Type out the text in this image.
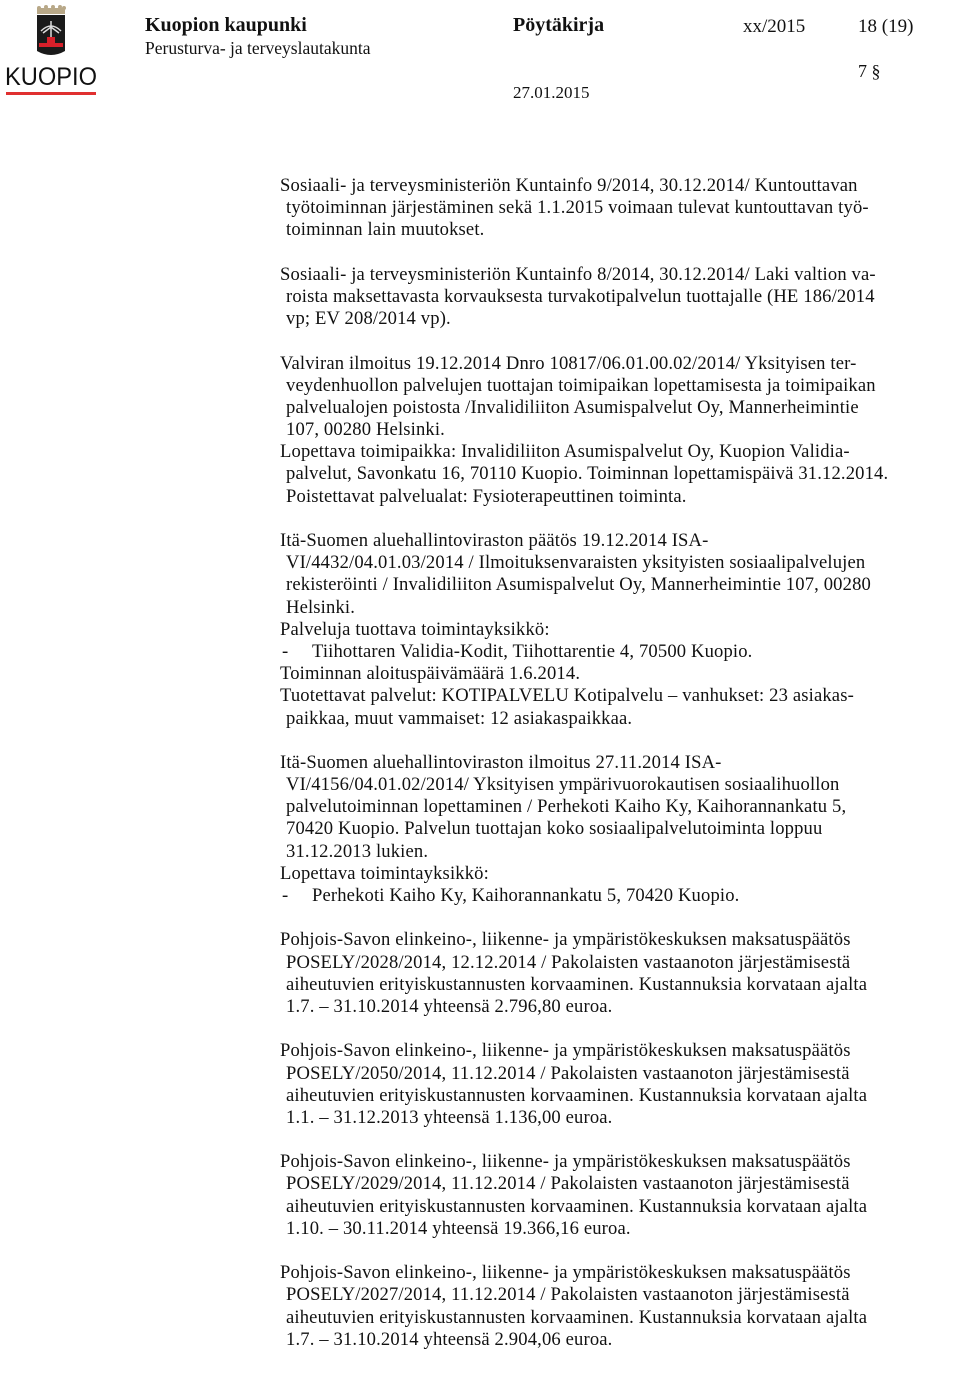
KUOPIO
Kuopion kaupunki
Perusturva- ja terveyslautakunta
Pöytäkirja	xx/2015	18 (19)
7 §
27.01.2015
Sosiaali- ja terveysministeriön Kuntainfo 9/2014, 30.12.2014/ Kuntouttavan
työtoiminnan järjestäminen sekä 1.1.2015 voimaan tulevat kuntouttavan työ-
toiminnan lain muutokset.
Sosiaali- ja terveysministeriön Kuntainfo 8/2014, 30.12.2014/ Laki valtion va-
roista maksettavasta korvauksesta turvakotipalvelun tuottajalle (HE 186/2014
vp; EV 208/2014 vp).
Valviran ilmoitus 19.12.2014 Dnro 10817/06.01.00.02/2014/ Yksityisen ter-
veydenhuollon palvelujen tuottajan toimipaikan lopettamisesta ja toimipaikan
palvelualojen poistosta /Invalidiliiton Asumispalvelut Oy, Mannerheimintie
107, 00280 Helsinki.
Lopettava toimipaikka: Invalidiliiton Asumispalvelut Oy, Kuopion Validia-
palvelut, Savonkatu 16, 70110 Kuopio. Toiminnan lopettamispäivä 31.12.2014.
Poistettavat palvelualat: Fysioterapeuttinen toiminta.
Itä-Suomen aluehallintoviraston päätös 19.12.2014 ISA-
VI/4432/04.01.03/2014 / Ilmoituksenvaraisten yksityisten sosiaalipalvelujen
rekisteröinti / Invalidiliiton Asumispalvelut Oy, Mannerheimintie 107, 00280
Helsinki.
Palveluja tuottava toimintayksikkö:
- Tiihottaren Validia-Kodit, Tiihottarentie 4, 70500 Kuopio.
Toiminnan aloituspäivämäärä 1.6.2014.
Tuotettavat palvelut: KOTIPALVELU Kotipalvelu – vanhukset: 23 asiakas-
paikkaa, muut vammaiset: 12 asiakaspaikkaa.
Itä-Suomen aluehallintoviraston ilmoitus 27.11.2014 ISA-
VI/4156/04.01.02/2014/ Yksityisen ympärivuorokautisen sosiaalihuollon
palvelutoiminnan lopettaminen / Perhekoti Kaiho Ky, Kaihorannankatu 5,
70420 Kuopio. Palvelun tuottajan koko sosiaalipalvelutoiminta loppuu
31.12.2013 lukien.
Lopettava toimintayksikkö:
- Perhekoti Kaiho Ky, Kaihorannankatu 5, 70420 Kuopio.
Pohjois-Savon elinkeino-, liikenne- ja ympäristökeskuksen maksatuspäätös
POSELY/2028/2014, 12.12.2014 / Pakolaisten vastaanoton järjestämisestä
aiheutuvien erityiskustannusten korvaaminen. Kustannuksia korvataan ajalta
1.7. – 31.10.2014 yhteensä 2.796,80 euroa.
Pohjois-Savon elinkeino-, liikenne- ja ympäristökeskuksen maksatuspäätös
POSELY/2050/2014, 11.12.2014 / Pakolaisten vastaanoton järjestämisestä
aiheutuvien erityiskustannusten korvaaminen. Kustannuksia korvataan ajalta
1.1. – 31.12.2013 yhteensä 1.136,00 euroa.
Pohjois-Savon elinkeino-, liikenne- ja ympäristökeskuksen maksatuspäätös
POSELY/2029/2014, 11.12.2014 / Pakolaisten vastaanoton järjestämisestä
aiheutuvien erityiskustannusten korvaaminen. Kustannuksia korvataan ajalta
1.10. – 30.11.2014 yhteensä 19.366,16 euroa.
Pohjois-Savon elinkeino-, liikenne- ja ympäristökeskuksen maksatuspäätös
POSELY/2027/2014, 11.12.2014 / Pakolaisten vastaanoton järjestämisestä
aiheutuvien erityiskustannusten korvaaminen. Kustannuksia korvataan ajalta
1.7. – 31.10.2014 yhteensä 2.904,06 euroa.
